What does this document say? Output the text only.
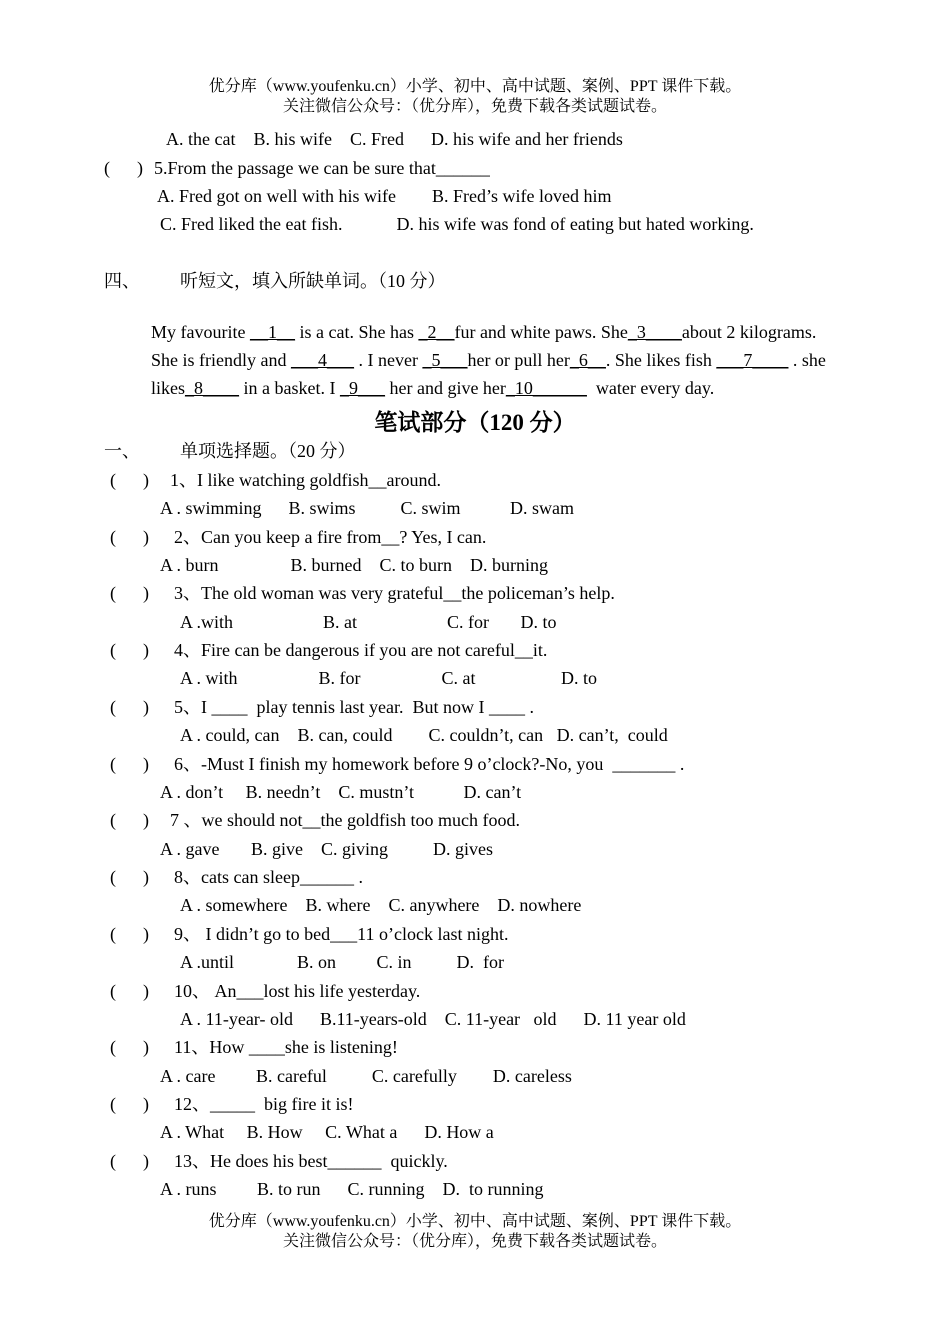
优分库（www.youfenku.cn）小学、初中、高中试题、案例、PPT 课件下载。
关注微信公众号：（优分库），免费下载各类试题试卷。
A. the cat    B. his wife    C. Fred      D. his wife and her friends
(      ) 5.From the passage we can be sure that______
A. Fred got on well with his wife        B. Fred’s wife loved him
C. Fred liked the eat fish.            D. his wife was fond of eating but hated working.
四、 听短文，填入所缺单词。（10 分）

My favourite __1__ is a cat. She has _2__fur and white paws. She_3____about 2 kilograms.

She is friendly and ___4___ . I never _5___her or pull her_6__. She likes fish ___7____ . she

likes_8____ in a basket. I _9___ her and give her_10______  water every day.

笔试部分（120 分）
一、 单项选择题。（20 分）
(      ) 1、I like watching goldfish__around.
A . swimming      B. swims          C. swim           D. swam
(      ) 2、Can you keep a fire from__? Yes, I can.
A . burn                B. burned    C. to burn    D. burning
(      ) 3、The old woman was very grateful__the policeman’s help.
A .with                    B. at                    C. for       D. to
(      ) 4、Fire can be dangerous if you are not careful__it.
A . with                  B. for                  C. at                   D. to
(      ) 5、I ____  play tennis last year.  But now I ____ .
A . could, can    B. can, could        C. couldn’t, can   D. can’t,  could
(      ) 6、-Must I finish my homework before 9 o’clock?-No, you  _______ .
A . don’t     B. needn’t    C. mustn’t           D. can’t
(      ) 7 、we should not__the goldfish too much food.
A . gave       B. give    C. giving          D. gives
(      ) 8、cats can sleep______ .
A . somewhere    B. where    C. anywhere    D. nowhere
(      ) 9、 I didn’t go to bed___11 o’clock last night.
A .until              B. on         C. in          D.  for
(      ) 10、 An___lost his life yesterday.
A . 11-year- old      B.11-years-old    C. 11-year   old      D. 11 year old
(      ) 11、How ____she is listening!
A . care         B. careful          C. carefully        D. careless
(      ) 12、_____  big fire it is!
A . What     B. How     C. What a      D. How a
(      ) 13、He does his best______  quickly.
A . runs         B. to run      C. running    D.  to running
优分库（www.youfenku.cn）小学、初中、高中试题、案例、PPT 课件下载。
关注微信公众号：（优分库），免费下载各类试题试卷。
